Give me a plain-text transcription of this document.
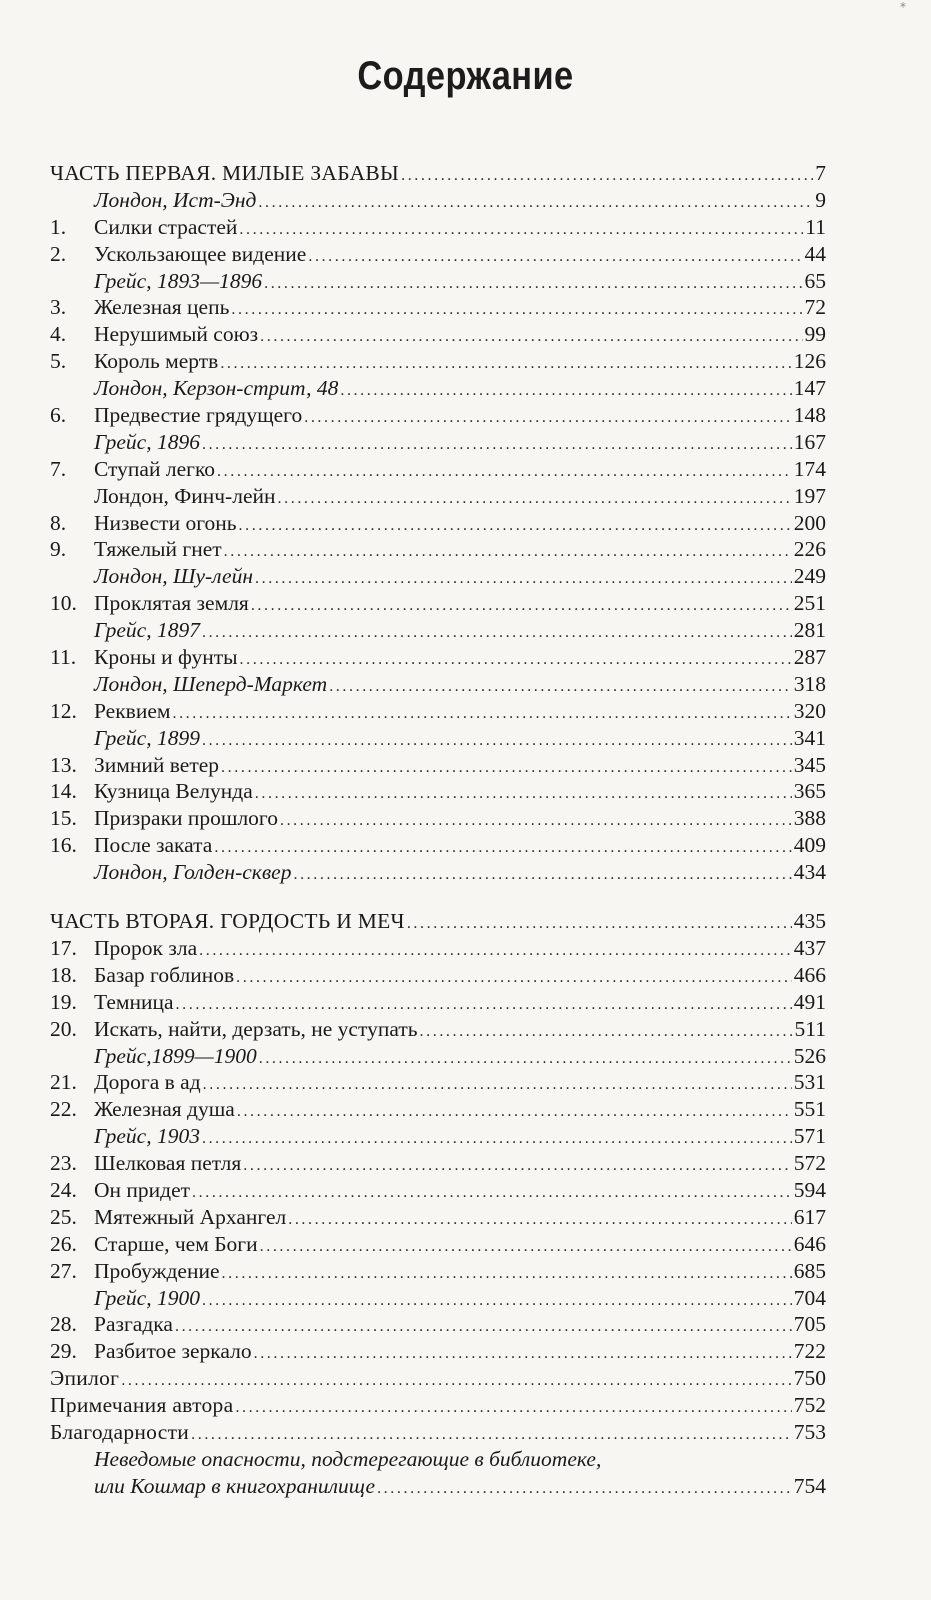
*
Содержание
ЧАСТЬ ПЕРВАЯ. МИЛЫЕ ЗАБАВЫ .....	7
Лондон, Ист-Энд .....	9
1.	Силки страстей .....	11
2.	Ускользающее видение .....	44
Грейс, 1893—1896 .....	65
3.	Железная цепь .....	72
4.	Нерушимый союз .....	99
5.	Король мертв .....	126
Лондон, Керзон-стрит, 48 .....	147
6.	Предвестие грядущего .....	148
Грейс, 1896 .....	167
7.	Ступай легко .....	174
Лондон, Финч-лейн .....	197
8.	Низвести огонь .....	200
9.	Тяжелый гнет .....	226
Лондон, Шу-лейн .....	249
10. Проклятая земля .....	251
Грейс, 1897 .....	281
11. Кроны и фунты .....	287
Лондон, Шеперд-Маркет .....	318
12. Реквием .....	320
Грейс, 1899 .....	341
13. Зимний ветер .....	345
14. Кузница Велунда .....	365
15. Призраки прошлого .....	388
16. После заката .....	409
Лондон, Голден-сквер .....	434
ЧАСТЬ ВТОРАЯ. ГОРДОСТЬ И МЕЧ .....	435
17. Пророк зла .....	437
18. Базар гоблинов .....	466
19. Темница .....	491
20. Искать, найти, дерзать, не уступать .....	511
Грейс,1899—1900 .....	526
21. Дорога в ад .....	531
22. Железная душа .....	551
Грейс, 1903 .....	571
23. Шелковая петля .....	572
24. Он придет .....	594
25. Мятежный Архангел .....	617
26. Старше, чем Боги .....	646
27. Пробуждение .....	685
Грейс, 1900 .....	704
28. Разгадка .....	705
29. Разбитое зеркало .....	722
Эпилог .....	750
Примечания автора .....	752
Благодарности .....	753
Неведомые опасности, подстерегающие в библиотеке,
или Кошмар в книгохранилище .....	754
